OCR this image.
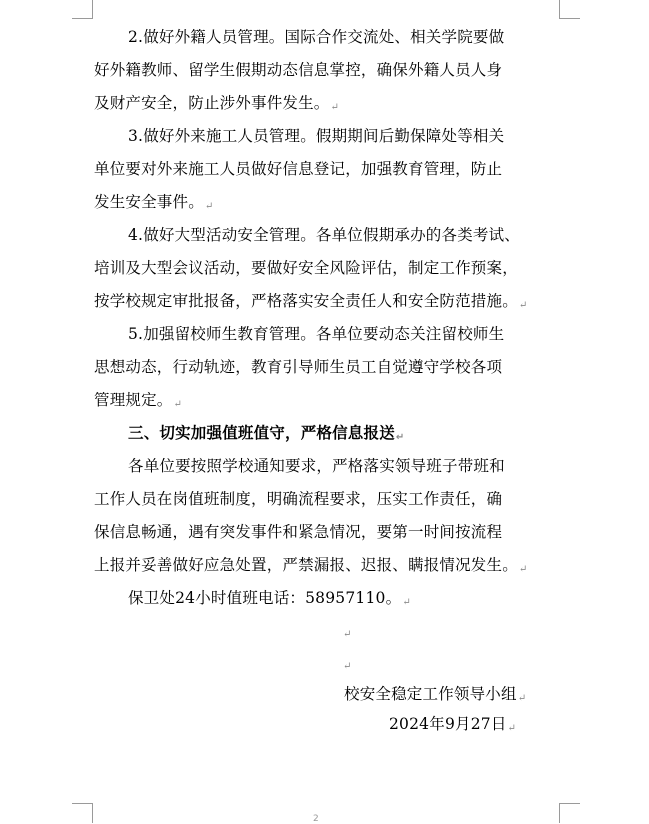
2.做好外籍人员管理。国际合作交流处、相关学院要做
好外籍教师、留学生假期动态信息掌控，确保外籍人员人身
及财产安全，防止涉外事件发生。↵
3.做好外来施工人员管理。假期期间后勤保障处等相关
单位要对外来施工人员做好信息登记，加强教育管理，防止
发生安全事件。↵
4.做好大型活动安全管理。各单位假期承办的各类考试、
培训及大型会议活动，要做好安全风险评估，制定工作预案，
按学校规定审批报备，严格落实安全责任人和安全防范措施。↵
5.加强留校师生教育管理。各单位要动态关注留校师生
思想动态，行动轨迹，教育引导师生员工自觉遵守学校各项
管理规定。↵
三、切实加强值班值守，严格信息报送↵
各单位要按照学校通知要求，严格落实领导班子带班和
工作人员在岗值班制度，明确流程要求，压实工作责任，确
保信息畅通，遇有突发事件和紧急情况，要第一时间按流程
上报并妥善做好应急处置，严禁漏报、迟报、瞒报情况发生。↵
保卫处24小时值班电话：58957110。↵
↵
↵
校安全稳定工作领导小组↵
2024年9月27日↵
2
